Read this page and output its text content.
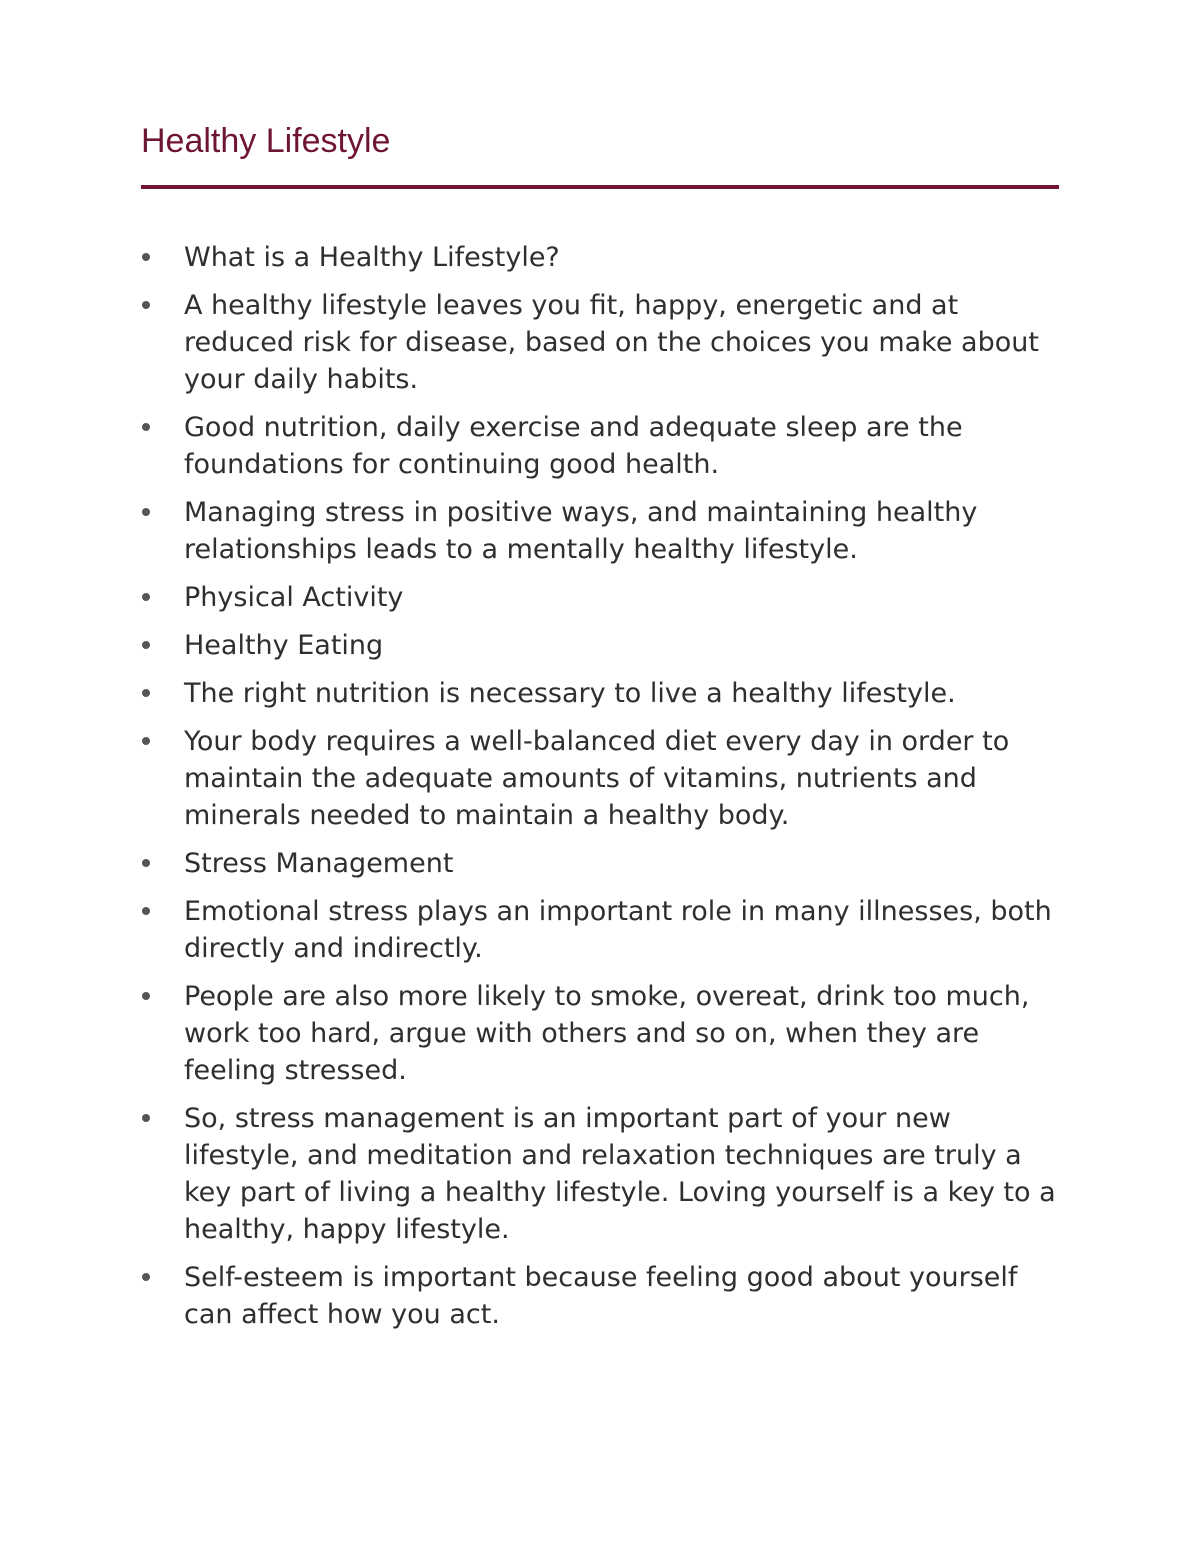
Healthy Lifestyle
What is a Healthy Lifestyle?
A healthy lifestyle leaves you fit, happy, energetic and at reduced risk for disease, based on the choices you make about your daily habits.
Good nutrition, daily exercise and adequate sleep are the foundations for continuing good health.
Managing stress in positive ways, and maintaining healthy relationships leads to a mentally healthy lifestyle.
Physical Activity
Healthy Eating
The right nutrition is necessary to live a healthy lifestyle.
Your body requires a well-balanced diet every day in order to maintain the adequate amounts of vitamins, nutrients and minerals needed to maintain a healthy body.
Stress Management
Emotional stress plays an important role in many illnesses, both directly and indirectly.
People are also more likely to smoke, overeat, drink too much, work too hard, argue with others and so on, when they are feeling stressed.
So, stress management is an important part of your new lifestyle, and meditation and relaxation techniques are truly a key part of living a healthy lifestyle. Loving yourself is a key to a healthy, happy lifestyle.
Self-esteem is important because feeling good about yourself can affect how you act.
